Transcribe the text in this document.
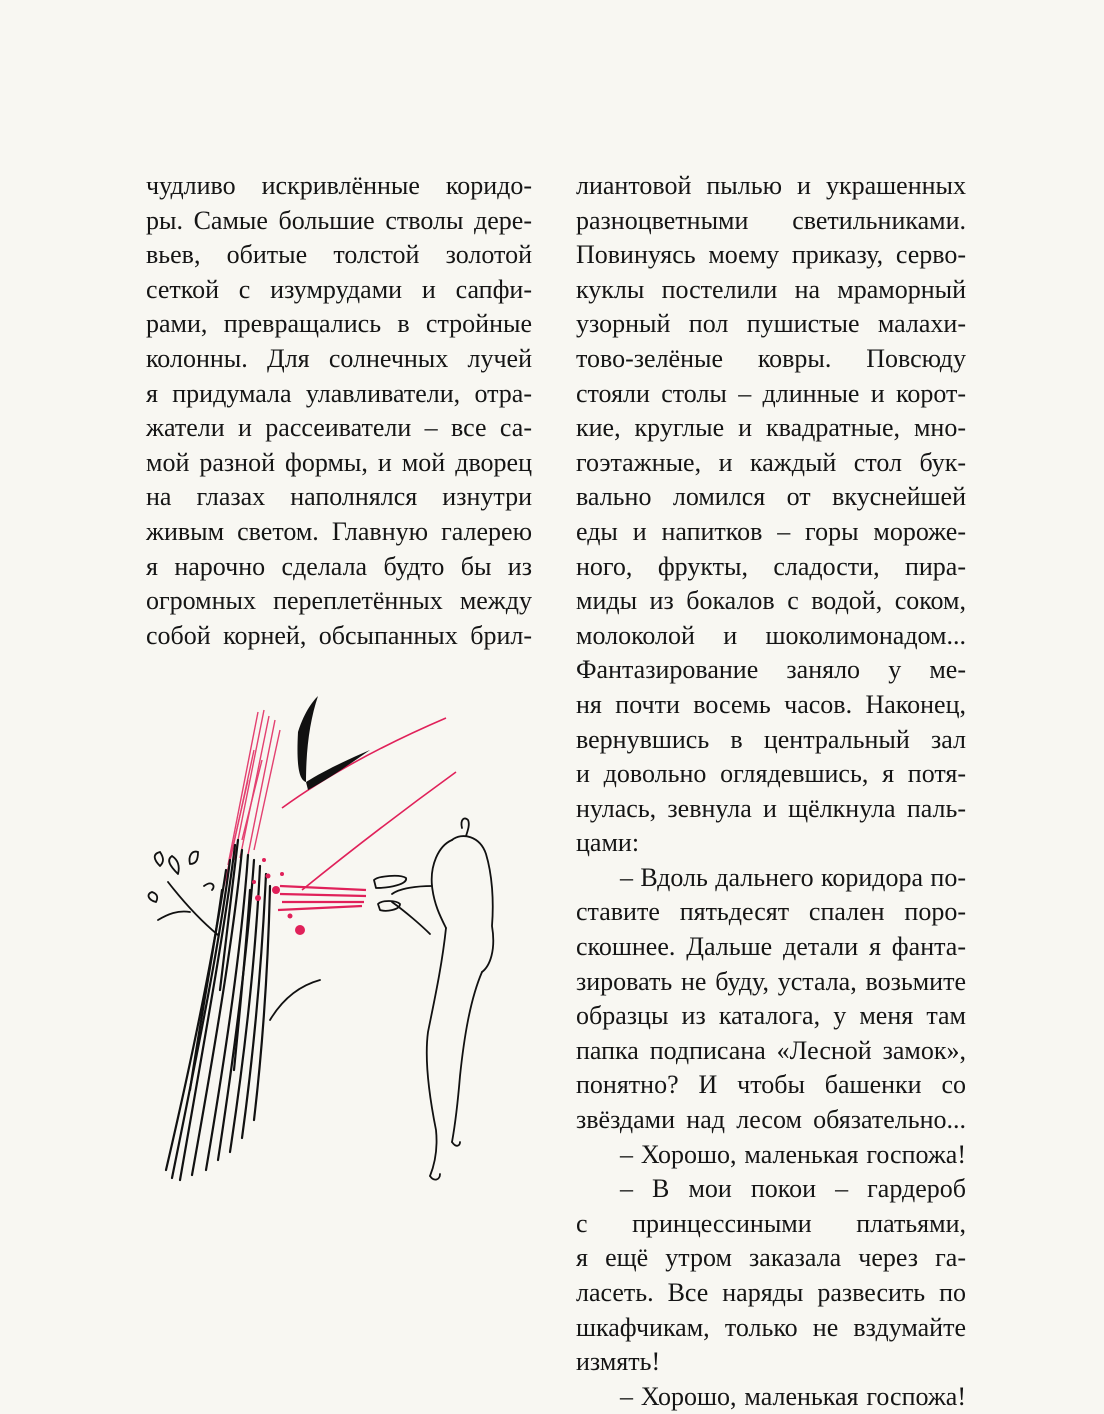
чудливо искривлённые коридо-
ры. Самые большие стволы дере-
вьев, обитые толстой золотой
сеткой с изумрудами и сапфи-
рами, превращались в стройные
колонны. Для солнечных лучей
я придумала улавливатели, отра-
жатели и рассеиватели – все са-
мой разной формы, и мой дворец
на глазах наполнялся изнутри
живым светом. Главную галерею
я нарочно сделала будто бы из
огромных переплетённых между
собой корней, обсыпанных брил-
лиантовой пылью и украшенных
разноцветными светильниками.
Повинуясь моему приказу, серво-
куклы постелили на мраморный
узорный пол пушистые малахи-
тово-зелёные ковры. Повсюду
стояли столы – длинные и корот-
кие, круглые и квадратные, мно-
гоэтажные, и каждый стол бук-
вально ломился от вкуснейшей
еды и напитков – горы мороже-
ного, фрукты, сладости, пира-
миды из бокалов с водой, соком,
молоколой и шоколимонадом...
Фантазирование заняло у ме-
ня почти восемь часов. Наконец,
вернувшись в центральный зал
и довольно оглядевшись, я потя-
нулась, зевнула и щёлкнула паль-
цами:
– Вдоль дальнего коридора по-
ставите пятьдесят спален поро-
скошнее. Дальше детали я фанта-
зировать не буду, устала, возьмите
образцы из каталога, у меня там
папка подписана «Лесной замок»,
понятно? И чтобы башенки со
звёздами над лесом обязательно...
– Хорошо, маленькая госпожа!
– В мои покои – гардероб
с принцессиными платьями,
я ещё утром заказала через га-
ласеть. Все наряды развесить по
шкафчикам, только не вздумайте
измять!
– Хорошо, маленькая госпожа!
